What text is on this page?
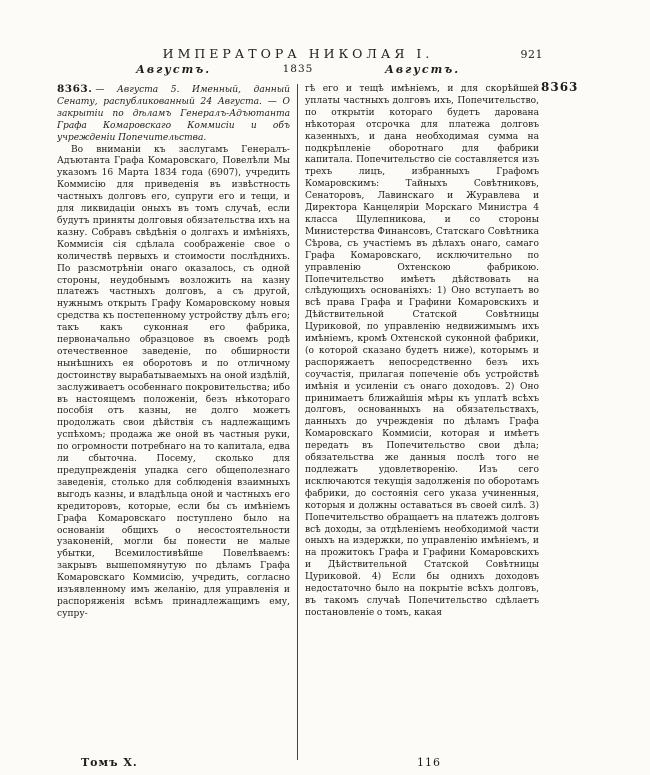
ИМПЕРАТОРА НИКОЛАЯ I.	921
Августъ.	1835	Августъ.
8363

8363. — Августа 5. Именный, данный Сенату, распубликованный 24 Августа. — О закрытіи по дѣламъ Генералъ-Адъютанта Графа Комаровскаго Коммисіи и объ учрежденіи Попечительства.

Во вниманіи къ заслугамъ Генералъ-Адъютанта Графа Комаровскаго, Повелѣли Мы указомъ 16 Марта 1834 года (6907), учредить Коммисію для приведенія въ извѣстность частныхъ долговъ его, супруги его и тещи, и для ликвидаціи оныхъ въ томъ случаѣ, если будутъ приняты долговыя обязательства ихъ на казну. Собравъ свѣдѣнія о долгахъ и имѣніяхъ, Коммисія сія сдѣлала соображеніе свое о количествѣ первыхъ и стоимости послѣднихъ. По разсмотрѣніи онаго оказалось, съ одной стороны, неудобнымъ возложить на казну платежъ частныхъ долговъ, а съ другой, нужнымъ открыть Графу Комаровскому новыя средства къ постепенному устройству дѣлъ его; такъ какъ суконная его фабрика, первоначально образцовое въ своемъ родѣ отечественное заведеніе, по обширности нынѣшнихъ ея оборотовъ и по отличному достоинству вырабатываемыхъ на оной издѣлій, заслуживаетъ особеннаго покровительства; ибо въ настоящемъ положеніи, безъ нѣкотораго пособія отъ казны, не долго можетъ продолжать свои дѣйствія съ надлежащимъ успѣхомъ; продажа же оной въ частныя руки, по огромности потребнаго на то капитала, едва ли сбыточна. Посему, сколько для предупрежденія упадка сего общеполезнаго заведенія, столько для соблюденія взаимныхъ выгодъ казны, и владѣльца оной и частныхъ его кредиторовъ, которые, если бы съ имѣніемъ Графа Комаровскаго поступлено было на основаніи общихъ о несостоятельности узаконеній, могли бы понести не малые убытки, Всемилостивѣйше Повелѣваемъ: закрывъ вышепомянутую по дѣламъ Графа Комаровскаго Коммисію, учредить, согласно изъявленному имъ желанію, для управленія и распоряженія всѣмъ принадлежащимъ ему, супру-

гѣ его и тещѣ имѣніемъ, и для скорѣйшей уплаты частныхъ долговъ ихъ, Попечительство, по открытіи котораго будетъ дарована нѣкоторая отсрочка для платежа долговъ казенныхъ, и дана необходимая сумма на подкрѣпленіе оборотнаго для фабрики капитала. Попечительство сіе составляется изъ трехъ лицъ, избранныхъ Графомъ Комаровскимъ: Тайныхъ Совѣтниковъ, Сенаторовъ, Лавинскаго и Журавлева и Директора Канцеляріи Морскаго Министра 4 класса Щулепникова, и со стороны Министерства Финансовъ, Статскаго Совѣтника Сѣрова, съ участіемъ въ дѣлахъ онаго, самаго Графа Комаровскаго, исключительно по управленію Охтенскою фабрикою. Попечительство имѣетъ дѣйствовать на слѣдующихъ основаніяхъ: 1) Оно вступаетъ во всѣ права Графа и Графини Комаровскихъ и Дѣйствительной Статской Совѣтницы Цуриковой, по управленію недвижимымъ ихъ имѣніемъ, кромѣ Охтенской суконной фабрики, (о которой сказано будетъ ниже), которымъ и распоряжаетъ непосредственно безъ ихъ соучастія, прилагая попеченіе объ устройствѣ имѣнія и усиленіи съ онаго доходовъ. 2) Оно принимаетъ ближайшія мѣры къ уплатѣ всѣхъ долговъ, основанныхъ на обязательствахъ, данныхъ до учрежденія по дѣламъ Графа Комаровскаго Коммисіи, которая и имѣетъ передать въ Попечительство свои дѣла; обязательства же данныя послѣ того не подлежатъ удовлетворенію. Изъ сего исключаются текущія задолженія по оборотамъ фабрики, до состоянія сего указа учиненныя, которыя и должны оставаться въ своей силѣ. 3) Попечительство обращаетъ на платежъ долговъ всѣ доходы, за отдѣленіемъ необходимой части оныхъ на издержки, по управленію имѣніемъ, и на прожитокъ Графа и Графини Комаровскихъ и Дѣйствительной Статской Совѣтницы Цуриковой. 4) Если бы однихъ доходовъ недостаточно было на покрытіе всѣхъ долговъ, въ такомъ случаѣ Попечительство сдѣлаетъ постановленіе о томъ, какая

Томъ X.	116
